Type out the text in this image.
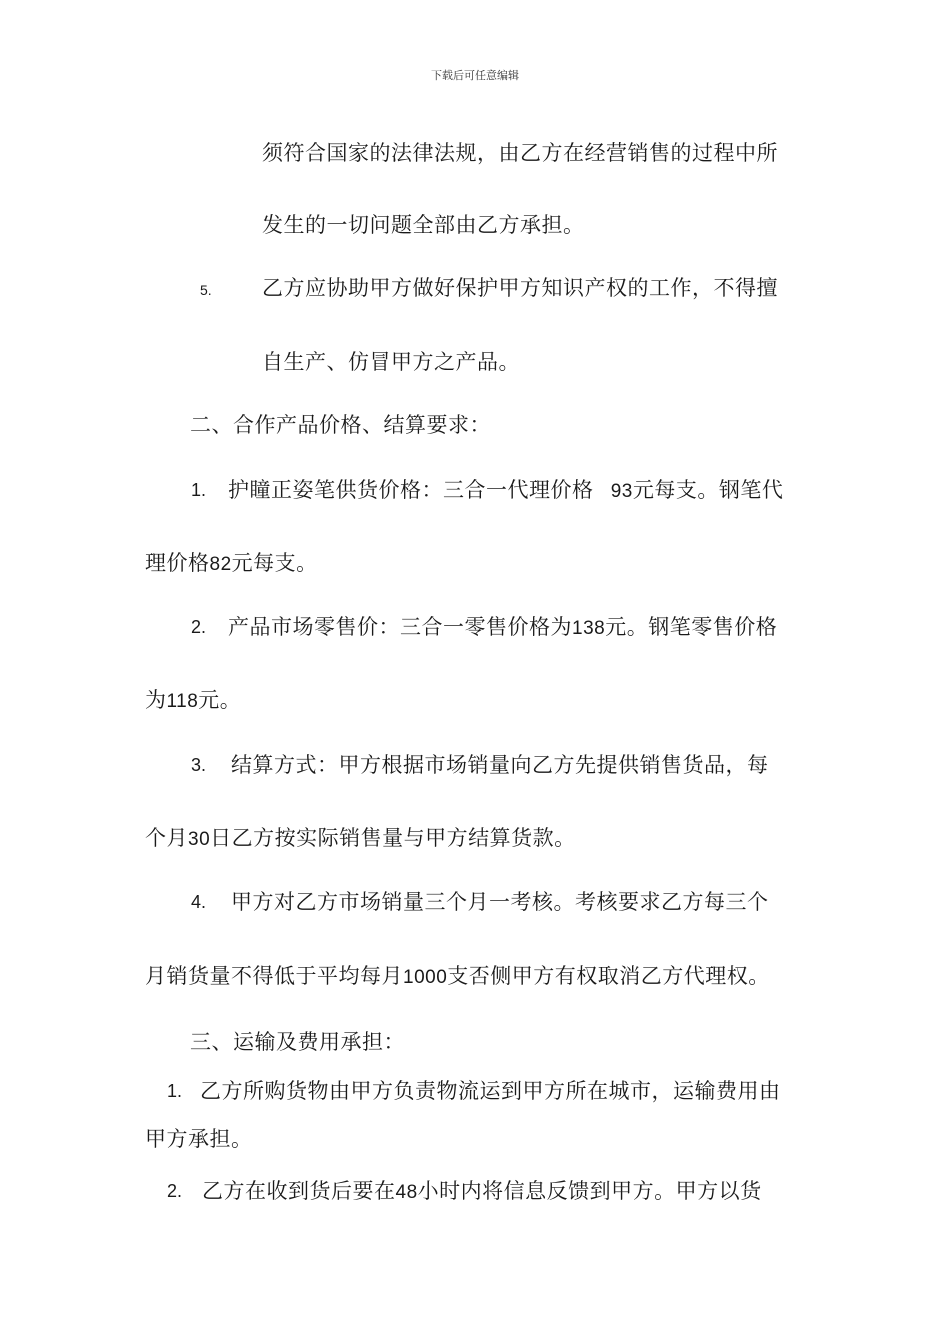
下载后可任意编辑
须符合国家的法律法规，由乙方在经营销售的过程中所
发生的一切问题全部由乙方承担。
5. 乙方应协助甲方做好保护甲方知识产权的工作，不得擅
自生产、仿冒甲方之产品。
二、合作产品价格、结算要求：
1. 护瞳正姿笔供货价格：三合一代理价格 93元每支。钢笔代
理价格82元每支。
2. 产品市场零售价：三合一零售价格为138元。钢笔零售价格
为118元。
3. 结算方式：甲方根据市场销量向乙方先提供销售货品，每
个月30日乙方按实际销售量与甲方结算货款。
4. 甲方对乙方市场销量三个月一考核。考核要求乙方每三个
月销货量不得低于平均每月1000支否侧甲方有权取消乙方代理权。
三、运输及费用承担：
1. 乙方所购货物由甲方负责物流运到甲方所在城市，运输费用由
甲方承担。
2. 乙方在收到货后要在48小时内将信息反馈到甲方。甲方以货
